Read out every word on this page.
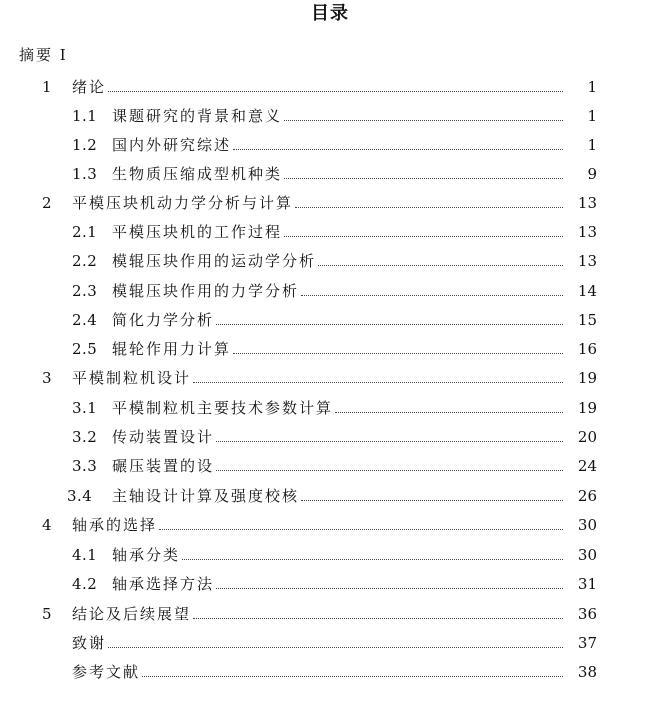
目录
摘要 I
1	绪论	1
1.1 课题研究的背景和意义	1
1.2 国内外研究综述	1
1.3 生物质压缩成型机种类	9
2	平模压块机动力学分析与计算	13
2.1 平模压块机的工作过程	13
2.2 模辊压块作用的运动学分析	13
2.3 模辊压块作用的力学分析	14
2.4 简化力学分析	15
2.5 辊轮作用力计算	16
3	平模制粒机设计	19
3.1 平模制粒机主要技术参数计算	19
3.2 传动装置设计	20
3.3 碾压装置的设	24
3.4	主轴设计计算及强度校核	26
4	轴承的选择	30
4.1 轴承分类	30
4.2 轴承选择方法	31
5	结论及后续展望	36
致谢	37
参考文献	38
